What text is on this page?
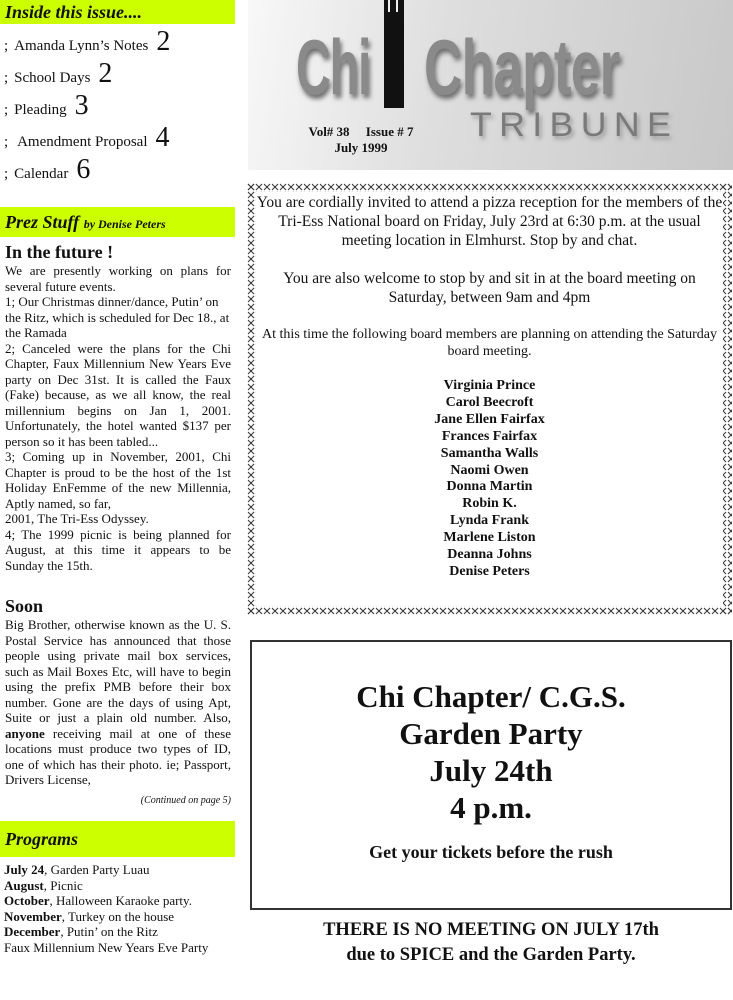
Inside this issue....
; Amanda Lynn’s Notes 2
; School Days 2
; Pleading 3
; Amendment Proposal 4
; Calendar 6
Chi Chapter
TRIBUNE
Vol# 38     Issue # 7
July 1999
Prez Stuff by Denise Peters
In the future !
We are presently working on plans for several future events.
1; Our Christmas dinner/dance, Putin’ on the Ritz, which is scheduled for Dec 18., at the Ramada
2; Canceled were the plans for the Chi Chapter, Faux Millennium New Years Eve party on Dec 31st. It is called the Faux (Fake) because, as we all know, the real millennium begins on Jan 1, 2001. Unfortunately, the hotel wanted $137 per person so it has been tabled...
3; Coming up in November, 2001, Chi Chapter is proud to be the host of the 1st Holiday EnFemme of the new Millennia, Aptly named, so far,
2001, The Tri-Ess Odyssey.
4; The 1999 picnic is being planned for August, at this time it appears to be Sunday the 15th.
Soon
Big Brother, otherwise known as the U. S. Postal Service has announced that those people using private mail box services, such as Mail Boxes Etc, will have to begin using the prefix PMB before their box number. Gone are the days of using Apt, Suite or just a plain old number. Also, anyone receiving mail at one of these locations must produce two types of ID, one of which has their photo. ie; Passport, Drivers License,
(Continued on page 5)
Programs
July 24, Garden Party Luau
August, Picnic
October, Halloween Karaoke party.
November, Turkey on the house
December, Putin’ on the Ritz
Faux Millennium New Years Eve Party

You are cordially invited to attend a pizza reception for the members of the Tri-Ess National board on Friday, July 23rd at 6:30 p.m. at the usual meeting location in Elmhurst. Stop by and chat.

You are also welcome to stop by and sit in at the board meeting on Saturday, between 9am and 4pm

At this time the following board members are planning on attending the Saturday board meeting.

Virginia Prince
Carol Beecroft
Jane Ellen Fairfax
Frances Fairfax
Samantha Walls
Naomi Owen
Donna Martin
Robin K.
Lynda Frank
Marlene Liston
Deanna Johns
Denise Peters
Chi Chapter/ C.G.S.
Garden Party
July 24th
4 p.m.
Get your tickets before the rush
THERE IS NO MEETING ON JULY 17th
due to SPICE and the Garden Party.
